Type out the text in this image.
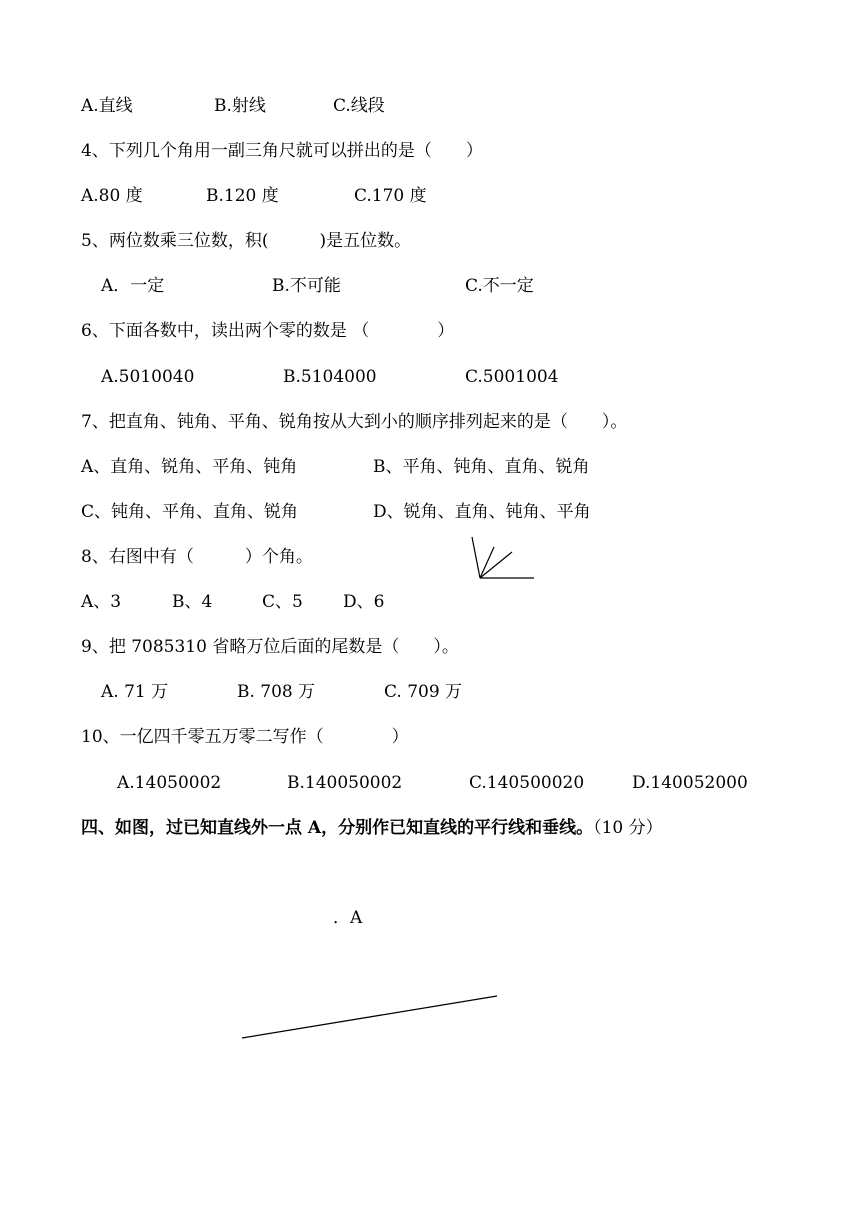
A.直线	B.射线	C.线段
4、下列几个角用一副三角尺就可以拼出的是（　　）
A.80 度	B.120 度	C.170 度
5、两位数乘三位数，积(　　　)是五位数。
A．一定	B.不可能	C.不一定
6、下面各数中，读出两个零的数是 （　　　　）
A.5010040	B.5104000	C.5001004
7、把直角、钝角、平角、锐角按从大到小的顺序排列起来的是（　　）。
A、直角、锐角、平角、钝角	B、平角、钝角、直角、锐角
C、钝角、平角、直角、锐角	D、锐角、直角、钝角、平角
8、右图中有（　　　）个角。
A、3	B、4	C、5 D、6
9、把 7085310 省略万位后面的尾数是（　　）。
A. 71 万	B. 708 万	C. 709 万
10、一亿四千零五万零二写作（　　　　）
A.14050002	B.140050002	C.140500020	D.140052000
四、如图，过已知直线外一点 A，分别作已知直线的平行线和垂线。（10 分）
．A
